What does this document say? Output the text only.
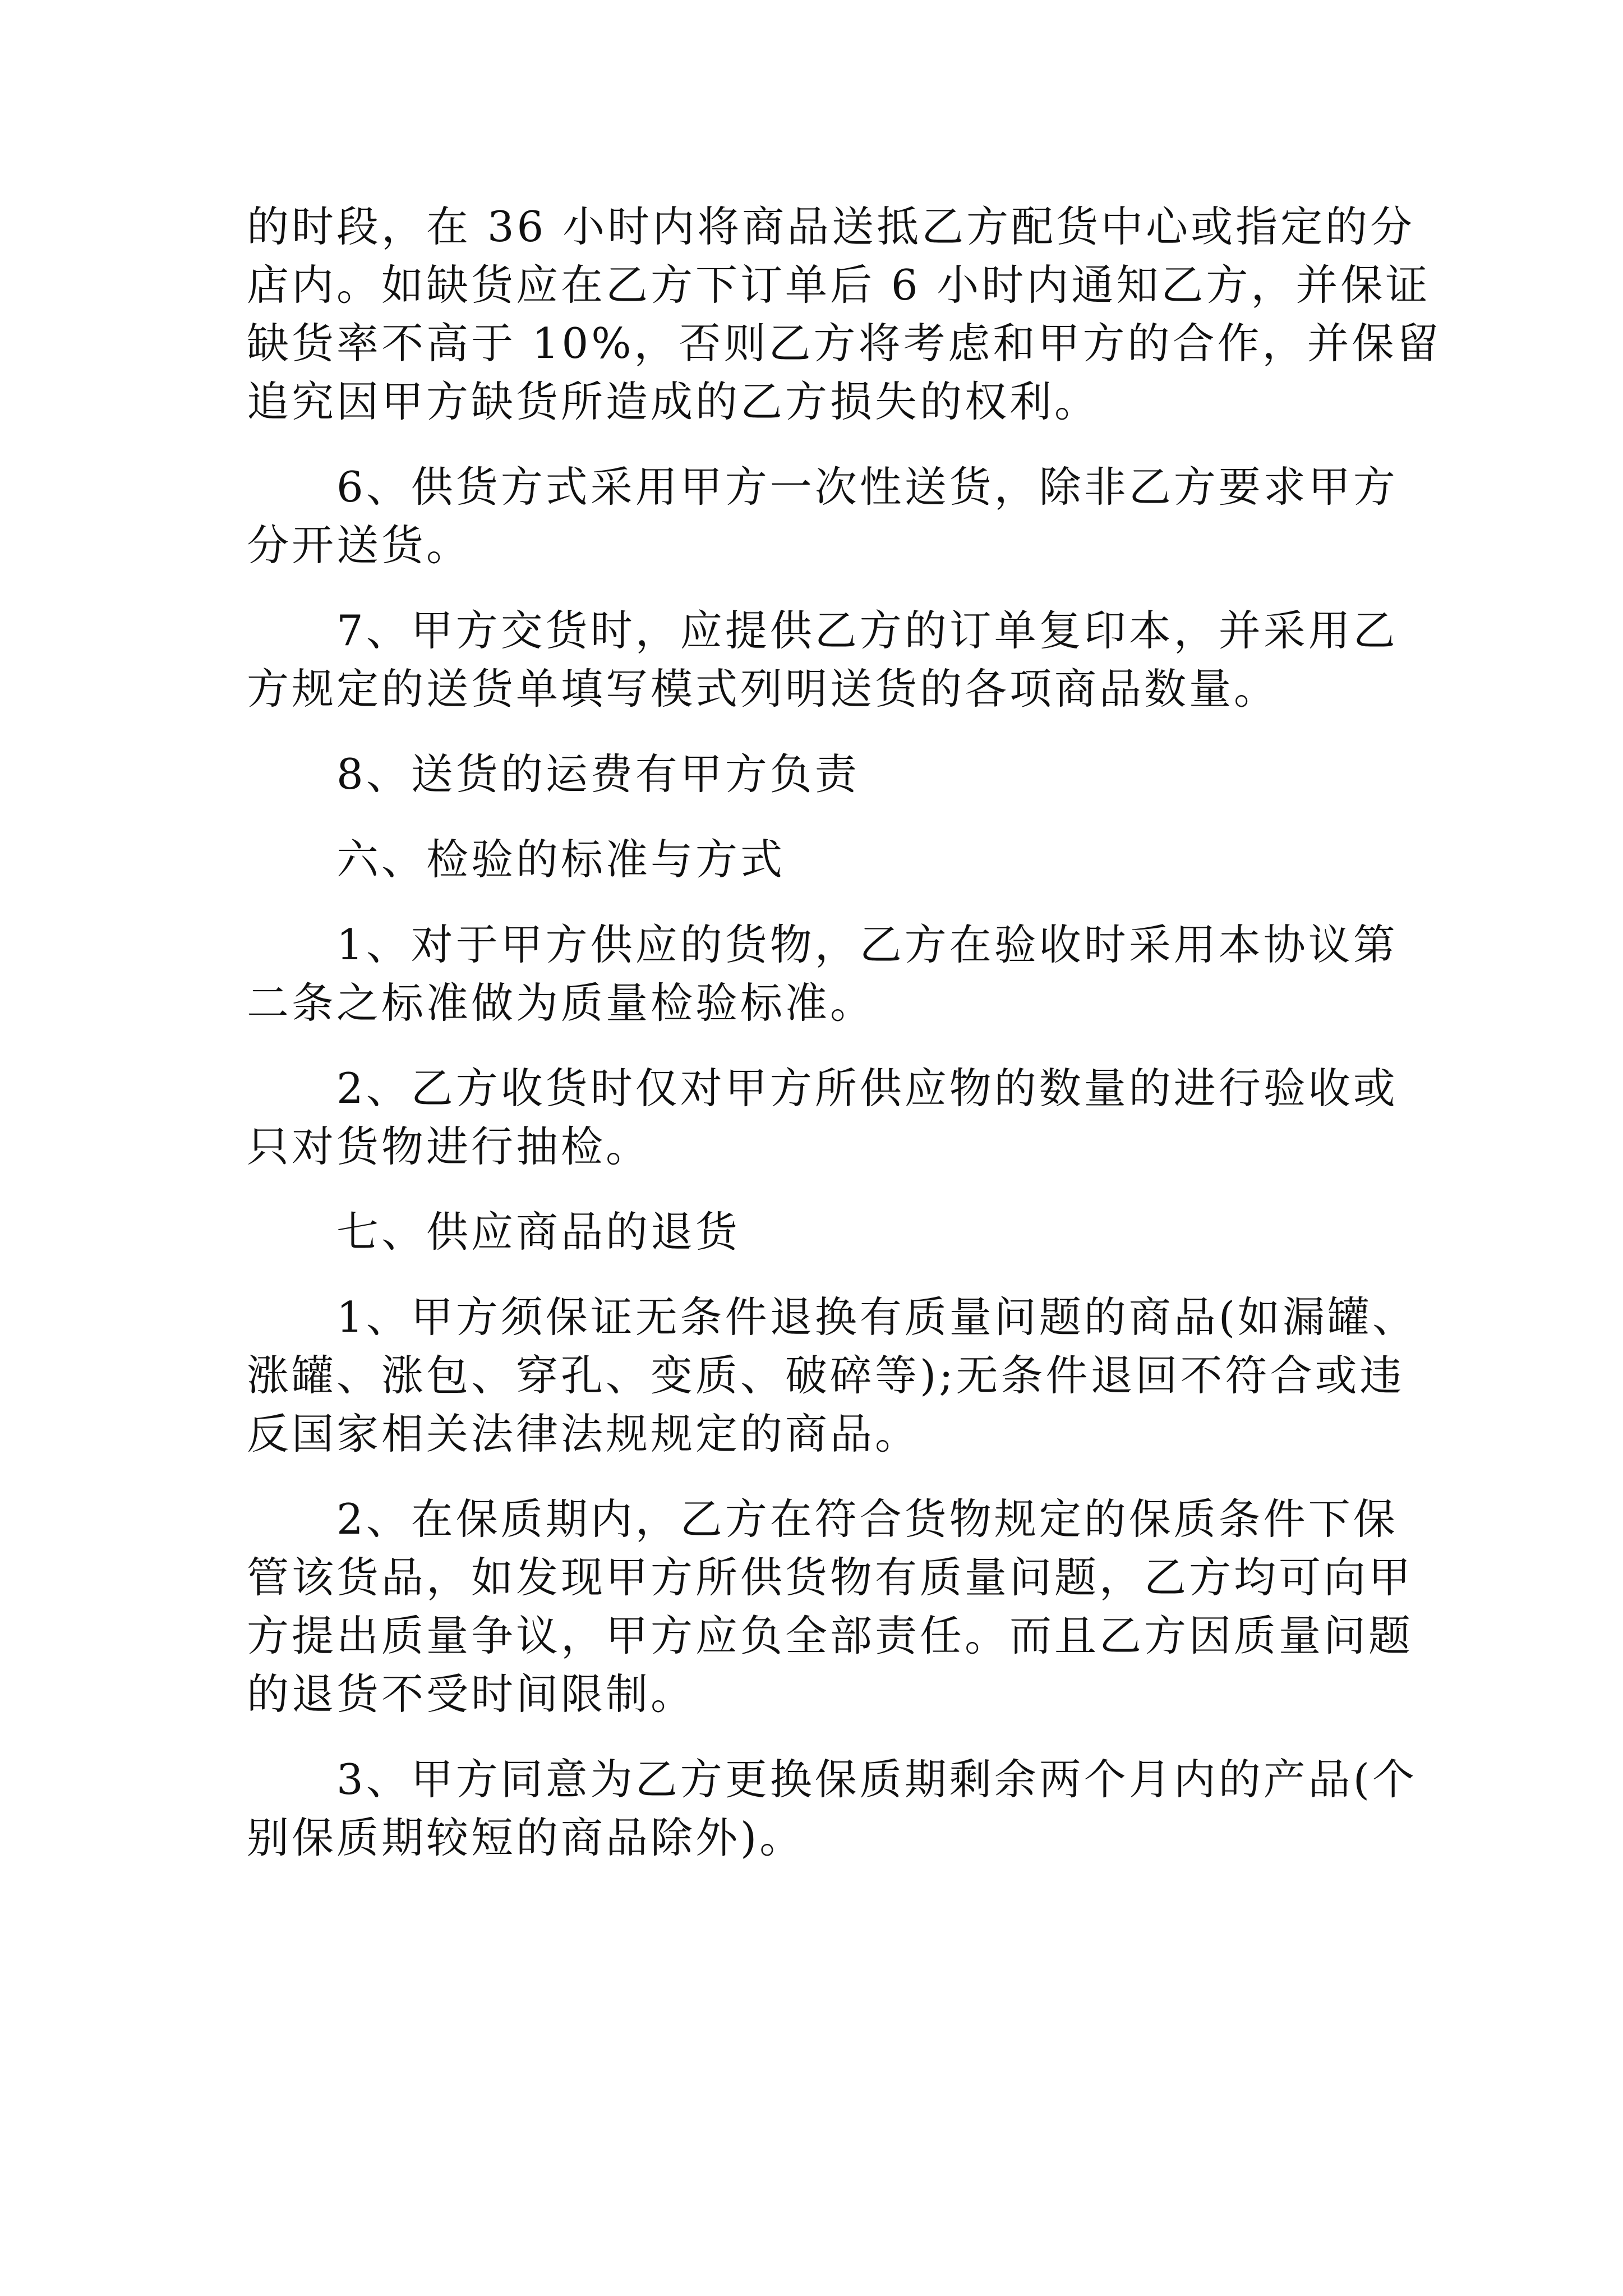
的时段，在 36 小时内将商品送抵乙方配货中心或指定的分
店内。如缺货应在乙方下订单后 6 小时内通知乙方，并保证
缺货率不高于 10%，否则乙方将考虑和甲方的合作，并保留
追究因甲方缺货所造成的乙方损失的权利。

6、供货方式采用甲方一次性送货，除非乙方要求甲方
分开送货。

7、甲方交货时，应提供乙方的订单复印本，并采用乙
方规定的送货单填写模式列明送货的各项商品数量。

8、送货的运费有甲方负责

六、检验的标准与方式

1、对于甲方供应的货物，乙方在验收时采用本协议第
二条之标准做为质量检验标准。

2、乙方收货时仅对甲方所供应物的数量的进行验收或
只对货物进行抽检。

七、供应商品的退货

1、甲方须保证无条件退换有质量问题的商品(如漏罐、
涨罐、涨包、穿孔、变质、破碎等);无条件退回不符合或违
反国家相关法律法规规定的商品。

2、在保质期内，乙方在符合货物规定的保质条件下保
管该货品，如发现甲方所供货物有质量问题，乙方均可向甲
方提出质量争议，甲方应负全部责任。而且乙方因质量问题
的退货不受时间限制。

3、甲方同意为乙方更换保质期剩余两个月内的产品(个
别保质期较短的商品除外)。
